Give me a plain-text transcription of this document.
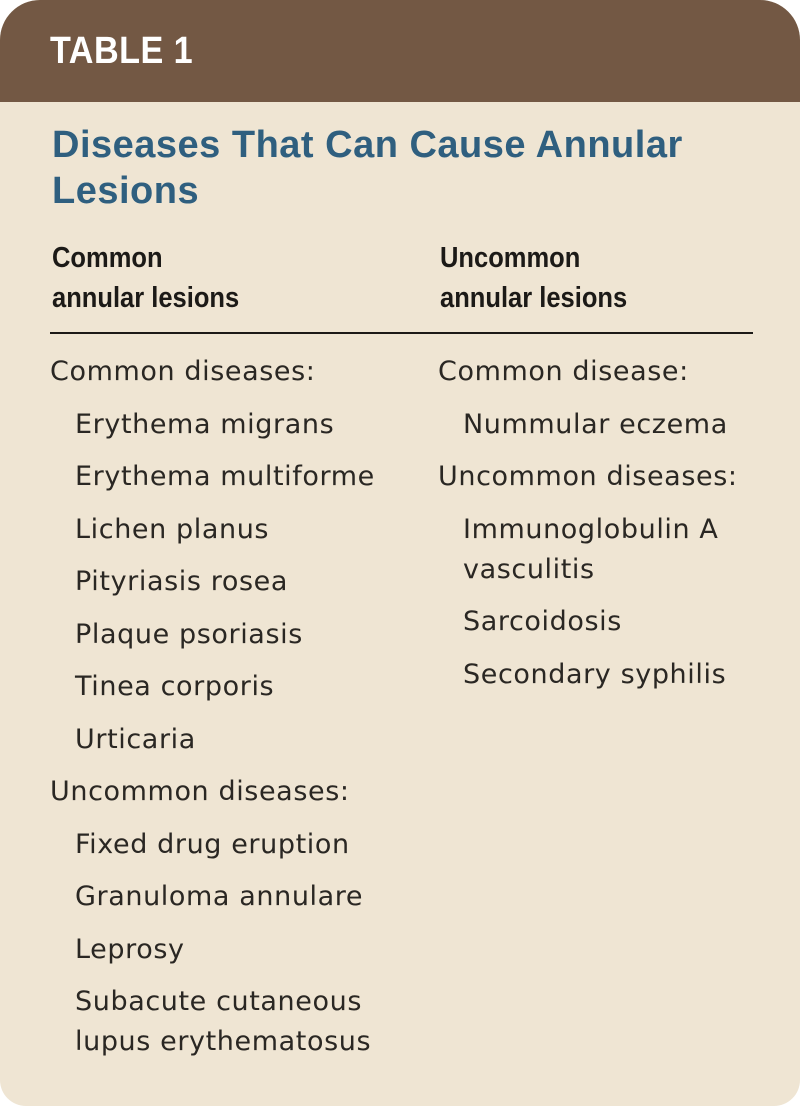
TABLE 1
Diseases That Can Cause Annular Lesions
Common
annular lesions
Uncommon
annular lesions
Common diseases:
Erythema migrans
Erythema multiforme
Lichen planus
Pityriasis rosea
Plaque psoriasis
Tinea corporis
Urticaria
Uncommon diseases:
Fixed drug eruption
Granuloma annulare
Leprosy
Subacute cutaneous lupus erythematosus
Common disease:
Nummular eczema
Uncommon diseases:
Immunoglobulin A vasculitis
Sarcoidosis
Secondary syphilis
